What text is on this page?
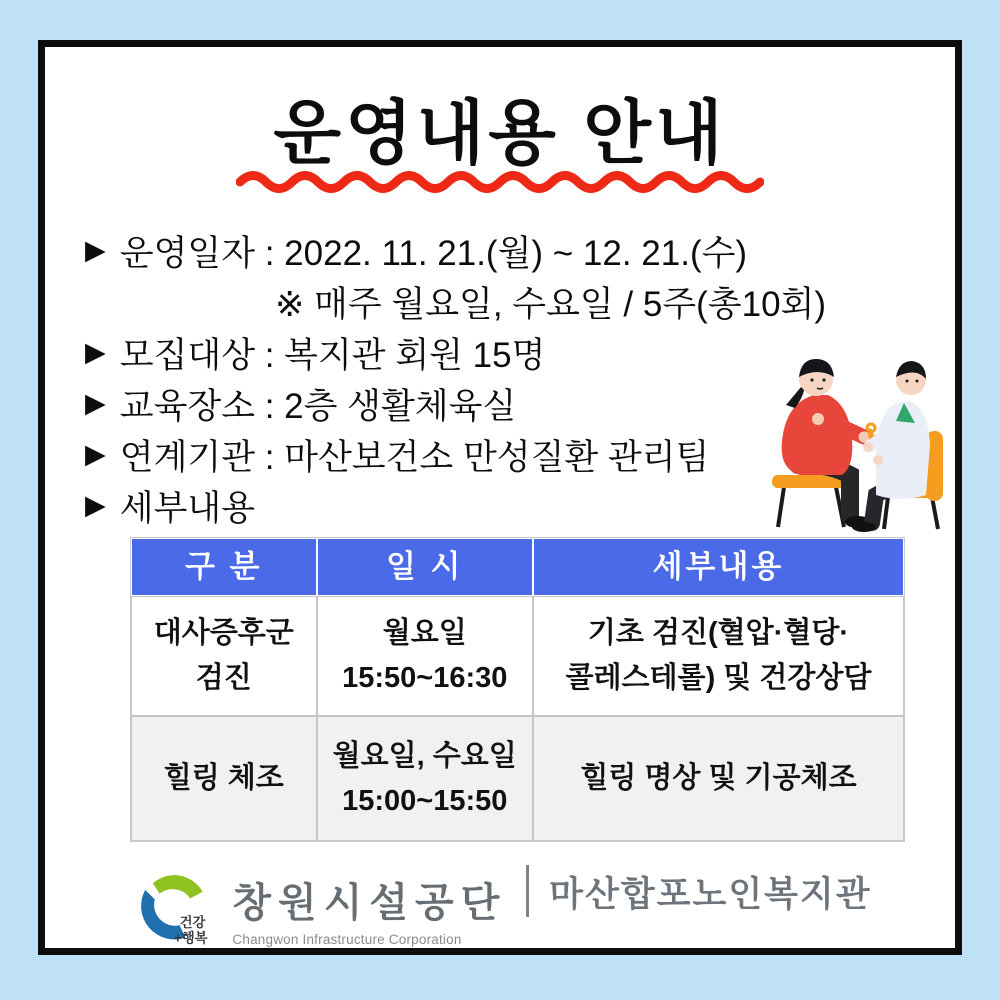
운영내용 안내
▶ 운영일자 : 2022. 11. 21.(월) ~ 12. 21.(수)
※ 매주 월요일, 수요일 / 5주(총10회)
▶ 모집대상 : 복지관 회원 15명
▶ 교육장소 : 2층 생활체육실
▶ 연계기관 : 마산보건소 만성질환 관리팀
▶ 세부내용
구 분	일 시	세부내용
대사증후군
검진
월요일
15:50~16:30
기초 검진(혈압·혈당·
콜레스테롤) 및 건강상담
힐링 체조
월요일, 수요일
15:00~15:50
힐링 명상 및 기공체조
건강
+행복
창원시설공단
Changwon Infrastructure Corporation
마산합포노인복지관
